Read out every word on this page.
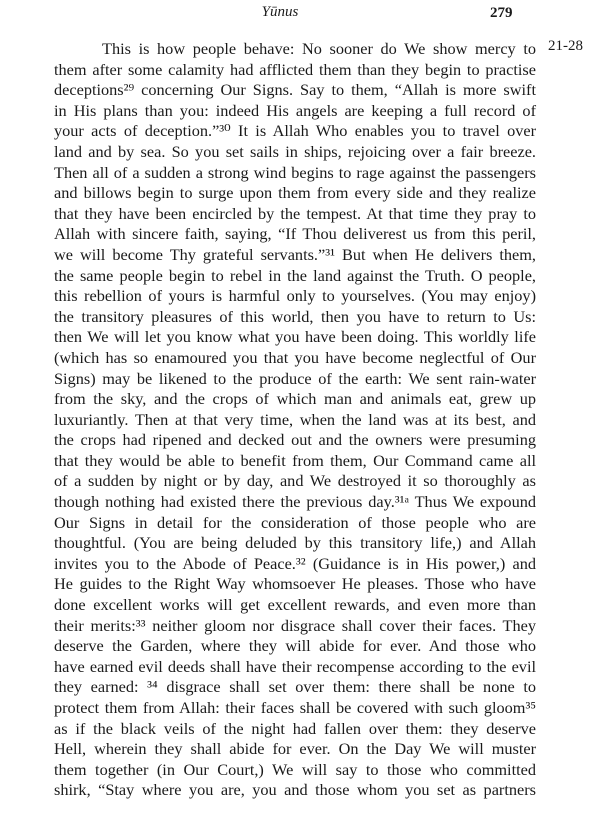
Yūnus	279
21-28
This is how people behave: No sooner do We show mercy to
them after some calamity had afflicted them than they begin to practise
deceptions²⁹ concerning Our Signs. Say to them, “Allah is more swift
in His plans than you: indeed His angels are keeping a full record of
your acts of deception.”³⁰ It is Allah Who enables you to travel over
land and by sea. So you set sails in ships, rejoicing over a fair breeze.
Then all of a sudden a strong wind begins to rage against the passengers
and billows begin to surge upon them from every side and they realize
that they have been encircled by the tempest. At that time they pray to
Allah with sincere faith, saying, “If Thou deliverest us from this peril,
we will become Thy grateful servants.”³¹ But when He delivers them,
the same people begin to rebel in the land against the Truth. O people,
this rebellion of yours is harmful only to yourselves. (You may enjoy)
the transitory pleasures of this world, then you have to return to Us:
then We will let you know what you have been doing. This worldly life
(which has so enamoured you that you have become neglectful of Our
Signs) may be likened to the produce of the earth: We sent rain-water
from the sky, and the crops of which man and animals eat, grew up
luxuriantly. Then at that very time, when the land was at its best, and
the crops had ripened and decked out and the owners were presuming
that they would be able to benefit from them, Our Command came all
of a sudden by night or by day, and We destroyed it so thoroughly as
though nothing had existed there the previous day.³¹ᵃ Thus We expound
Our Signs in detail for the consideration of those people who are
thoughtful. (You are being deluded by this transitory life,) and Allah
invites you to the Abode of Peace.³² (Guidance is in His power,) and
He guides to the Right Way whomsoever He pleases. Those who have
done excellent works will get excellent rewards, and even more than
their merits:³³ neither gloom nor disgrace shall cover their faces. They
deserve the Garden, where they will abide for ever. And those who
have earned evil deeds shall have their recompense according to the evil
they earned: ³⁴ disgrace shall set over them: there shall be none to
protect them from Allah: their faces shall be covered with such gloom³⁵
as if the black veils of the night had fallen over them: they deserve
Hell, wherein they shall abide for ever. On the Day We will muster
them together (in Our Court,) We will say to those who committed
shirk, “Stay where you are, you and those whom you set as partners
